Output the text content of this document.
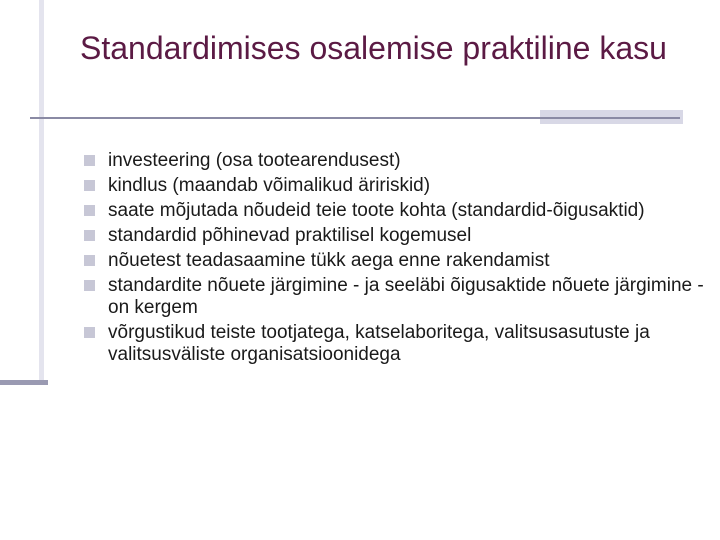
Standardimises osalemise praktiline kasu
investeering (osa tootearendusest)
kindlus (maandab võimalikud äririskid)
saate mõjutada nõudeid teie toote kohta (standardid-õigusaktid)
standardid põhinevad praktilisel kogemusel
nõuetest teadasaamine tükk aega enne rakendamist
standardite nõuete järgimine - ja seeläbi õigusaktide nõuete järgimine - on kergem
võrgustikud teiste tootjatega, katselaboritega, valitsusasutuste ja valitsusväliste organisatsioonidega
